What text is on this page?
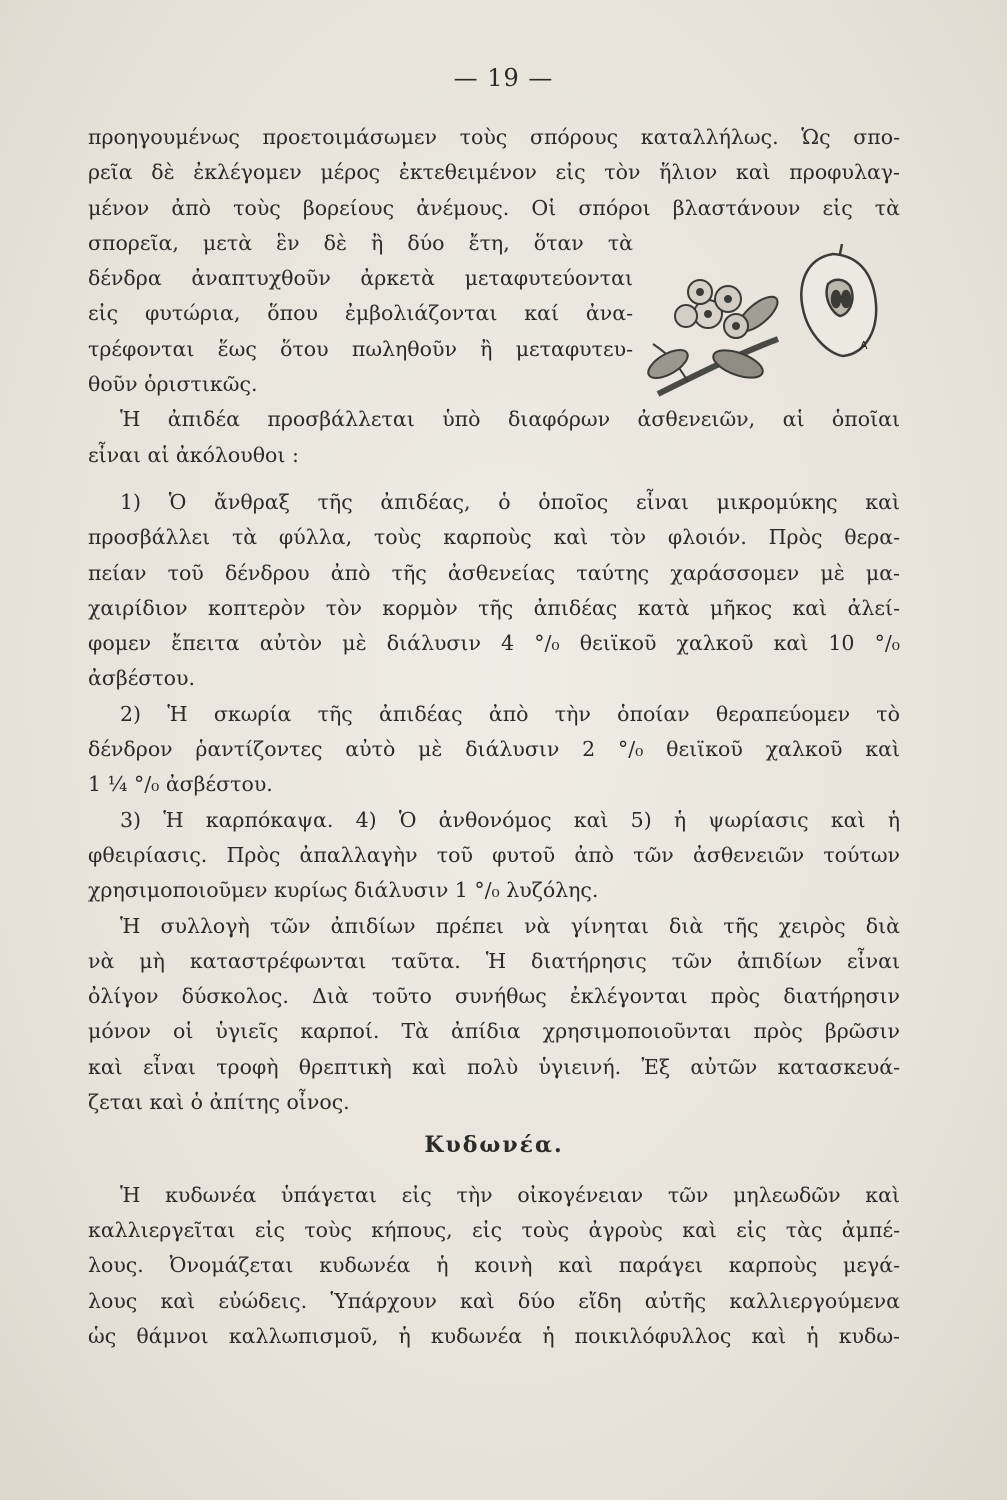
— 19 —
προηγουμένως προετοιμάσωμεν τοὺς σπόρους καταλλήλως. Ὡς σπο-
ρεῖα δὲ ἐκλέγομεν μέρος ἐκτεθειμένον εἰς τὸν ἥλιον καὶ προφυλαγ-
μένον ἀπὸ τοὺς βορείους ἀνέμους. Οἱ σπόροι βλαστάνουν εἰς τὰ
σπορεῖα, μετὰ ἓν δὲ ἢ δύο ἔτη, ὅταν τὰ
δένδρα ἀναπτυχθοῦν ἀρκετὰ μεταφυτεύονται
εἰς φυτώρια, ὅπου ἐμβολιάζονται καί ἀνα-
τρέφονται ἕως ὅτου πωληθοῦν ἢ μεταφυτευ-
θοῦν ὁριστικῶς.
Ἡ ἀπιδέα προσβάλλεται ὑπὸ διαφόρων ἀσθενειῶν, αἱ ὁποῖαι
εἶναι αἱ ἀκόλουθοι :
1) Ὁ ἄνθραξ τῆς ἀπιδέας, ὁ ὁποῖος εἶναι μικρομύκης καὶ
προσβάλλει τὰ φύλλα, τοὺς καρποὺς καὶ τὸν φλοιόν. Πρὸς θερα-
πείαν τοῦ δένδρου ἀπὸ τῆς ἀσθενείας ταύτης χαράσσομεν μὲ μα-
χαιρίδιον κοπτερὸν τὸν κορμὸν τῆς ἀπιδέας κατὰ μῆκος καὶ ἀλεί-
φομεν ἔπειτα αὐτὸν μὲ διάλυσιν 4 °/₀ θειϊκοῦ χαλκοῦ καὶ 10 °/₀
ἀσβέστου.
2) Ἡ σκωρία τῆς ἀπιδέας ἀπὸ τὴν ὁποίαν θεραπεύομεν τὸ
δένδρον ῥαντίζοντες αὐτὸ μὲ διάλυσιν 2 °/₀ θειϊκοῦ χαλκοῦ καὶ
1 ¼ °/₀ ἀσβέστου.
3) Ἡ καρπόκαψα. 4) Ὁ ἀνθονόμος καὶ 5) ἡ ψωρίασις καὶ ἡ
φθειρίασις. Πρὸς ἀπαλλαγὴν τοῦ φυτοῦ ἀπὸ τῶν ἀσθενειῶν τούτων
χρησιμοποιοῦμεν κυρίως διάλυσιν 1 °/₀ λυζόλης.
Ἡ συλλογὴ τῶν ἀπιδίων πρέπει νὰ γίνηται διὰ τῆς χειρὸς διὰ
νὰ μὴ καταστρέφωνται ταῦτα. Ἡ διατήρησις τῶν ἀπιδίων εἶναι
ὀλίγον δύσκολος. Διὰ τοῦτο συνήθως ἐκλέγονται πρὸς διατήρησιν
μόνον οἱ ὑγιεῖς καρποί. Τὰ ἀπίδια χρησιμοποιοῦνται πρὸς βρῶσιν
καὶ εἶναι τροφὴ θρεπτικὴ καὶ πολὺ ὑγιεινή. Ἐξ αὐτῶν κατασκευά-
ζεται καὶ ὁ ἀπίτης οἶνος.
Κυδωνέα.
Ἡ κυδωνέα ὑπάγεται εἰς τὴν οἰκογένειαν τῶν μηλεωδῶν καὶ
καλλιεργεῖται εἰς τοὺς κήπους, εἰς τοὺς ἀγροὺς καὶ εἰς τὰς ἀμπέ-
λους. Ὀνομάζεται κυδωνέα ἡ κοινὴ καὶ παράγει καρποὺς μεγά-
λους καὶ εὐώδεις. Ὑπάρχουν καὶ δύο εἴδη αὐτῆς καλλιεργούμενα
ὡς θάμνοι καλλωπισμοῦ, ἡ κυδωνέα ἡ ποικιλόφυλλος καὶ ἡ κυδω-
Α
